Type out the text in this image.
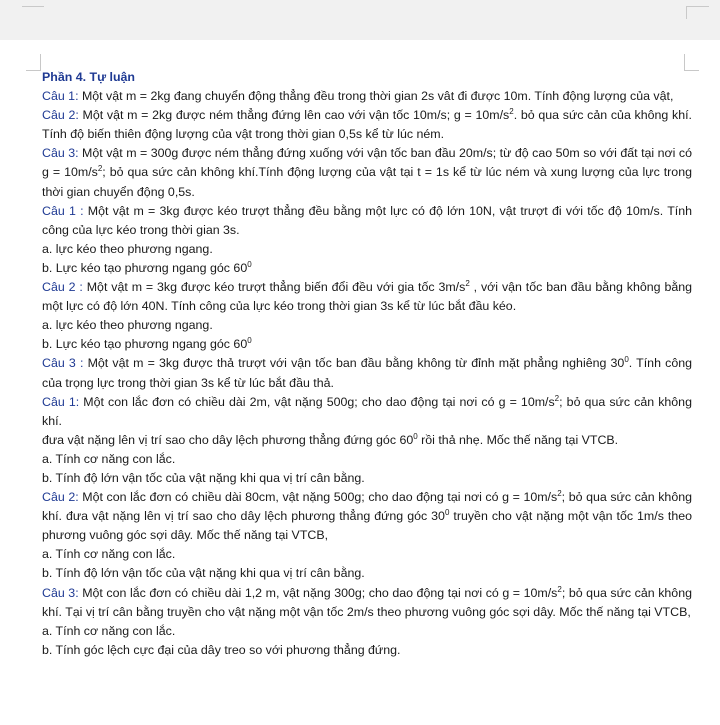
Phần 4. Tự luận
Câu 1: Một vật m = 2kg đang chuyển động thẳng đều trong thời gian 2s vât đi được 10m. Tính động lượng của vật,
Câu 2: Một vật m = 2kg được ném thẳng đứng lên cao với vận tốc 10m/s; $g = 10m/s^2$. bỏ qua sức cản của không khí. Tính độ biến thiên động lượng của vật trong thời gian 0,5s kể từ lúc ném.
Câu 3: Một vật m = 300g được ném thẳng đứng xuống với vận tốc ban đầu 20m/s; từ độ cao 50m so với đất tại nơi có $g = 10m/s^2$; bỏ qua sức cản không khí.Tính động lượng của vật tại t = 1s kể từ lúc ném và xung lượng của lực trong thời gian chuyển động 0,5s.
Câu 1 : Một vật m = 3kg được kéo trượt thẳng đều bằng một lực có độ lớn 10N, vật trượt đi với tốc độ 10m/s. Tính công của lực kéo trong thời gian 3s.
a. lực kéo theo phương ngang.
b. Lực kéo tạo phương ngang góc $60^0$
Câu 2 : Một vật m = 3kg được kéo trượt thẳng biến đổi đều với gia tốc $3m/s^2$ , với vận tốc ban đầu bằng không bằng một lực có độ lớn 40N. Tính công của lực kéo trong thời gian 3s kể từ lúc bắt đầu kéo.
a. lực kéo theo phương ngang.
b. Lực kéo tạo phương ngang góc $60^0$
Câu 3 : Một vật m = 3kg được thả trượt với vận tốc ban đầu bằng không từ đỉnh mặt phẳng nghiêng $30^0$. Tính công của trọng lực trong thời gian 3s kể từ lúc bắt đầu thả.
Câu 1: Một con lắc đơn có chiều dài 2m, vật nặng 500g; cho dao động tại nơi có $g = 10m/s^2$; bỏ qua sức cản không khí.
đưa vật nặng lên vị trí sao cho dây lệch phương thẳng đứng góc $60^0$ rồi thả nhẹ. Mốc thế năng tại VTCB.
a. Tính cơ năng con lắc.
b. Tính độ lớn vận tốc của vật nặng khi qua vị trí cân bằng.
Câu 2: Một con lắc đơn có chiều dài 80cm, vật nặng 500g; cho dao động tại nơi có $g = 10m/s^2$; bỏ qua sức cản không khí. đưa vật nặng lên vị trí sao cho dây lệch phương thẳng đứng góc $30^0$ truyền cho vật nặng một vận tốc 1m/s theo phương vuông góc sợi dây. Mốc thế năng tại VTCB,
a. Tính cơ năng con lắc.
b. Tính độ lớn vận tốc của vật nặng khi qua vị trí cân bằng.
Câu 3: Một con lắc đơn có chiều dài 1,2 m, vật nặng 300g; cho dao động tại nơi có $g = 10m/s^2$; bỏ qua sức cản không khí. Tại vị trí cân bằng truyền cho vật nặng một vận tốc 2m/s theo phương vuông góc sợi dây. Mốc thế năng tại VTCB,
a. Tính cơ năng con lắc.
b. Tính góc lệch cực đại của dây treo so với phương thẳng đứng.
